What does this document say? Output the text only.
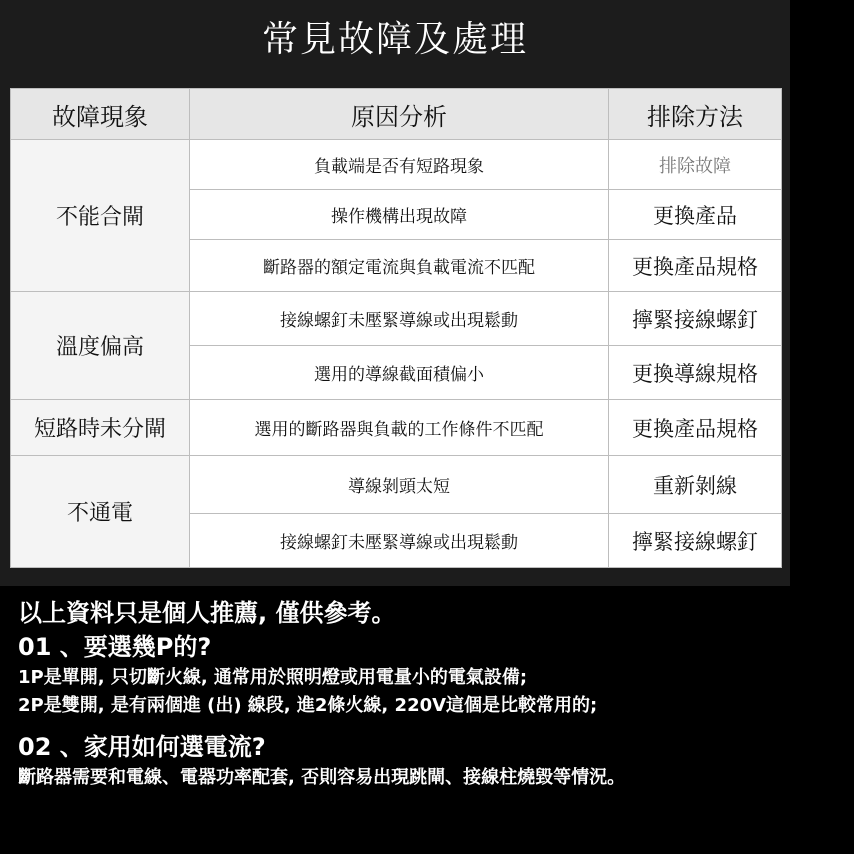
常見故障及處理
故障現象	原因分析	排除方法
不能合閘	負載端是否有短路現象	排除故障
	操作機構出現故障	更換產品
	斷路器的額定電流與負載電流不匹配	更換產品規格
溫度偏高	接線螺釘未壓緊導線或出現鬆動	擰緊接線螺釘
	選用的導線截面積偏小	更換導線規格
短路時未分閘	選用的斷路器與負載的工作條件不匹配	更換產品規格
不通電	導線剝頭太短	重新剝線
	接線螺釘未壓緊導線或出現鬆動	擰緊接線螺釘
以上資料只是個人推薦, 僅供參考。
01 、要選幾P的?
1P是單開, 只切斷火線, 通常用於照明燈或用電量小的電氣設備;
2P是雙開, 是有兩個進 (出) 線段, 進2條火線, 220V這個是比較常用的;
02 、家用如何選電流?
斷路器需要和電線、電器功率配套, 否則容易出現跳閘、接線柱燒毀等情況。
